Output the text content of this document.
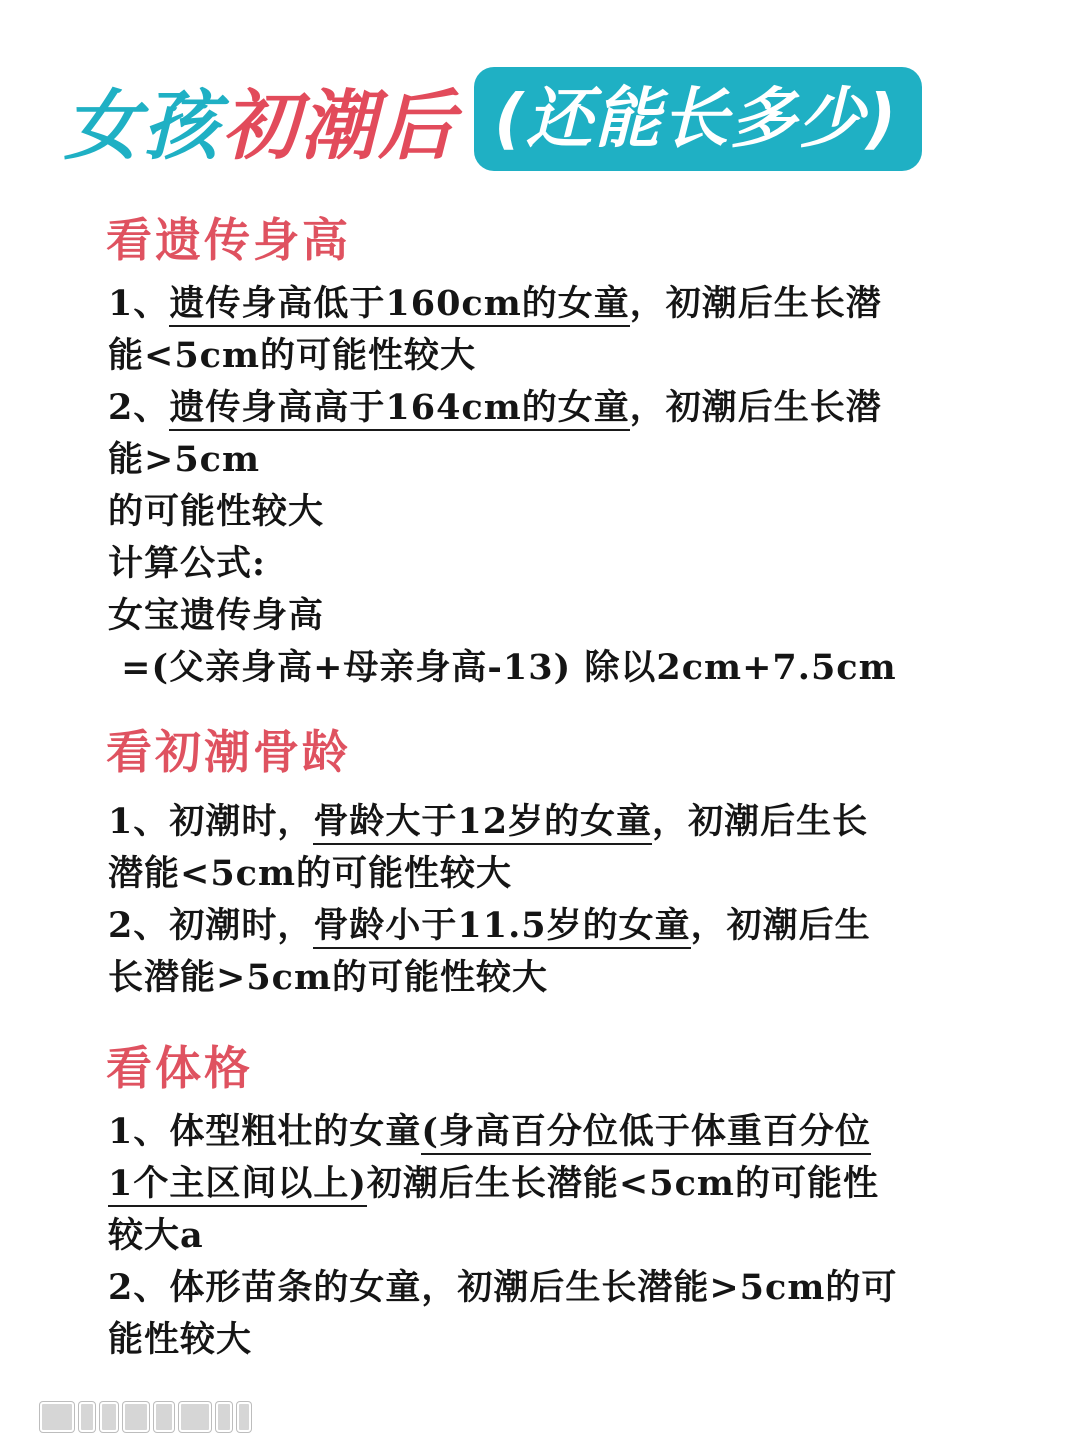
女孩 初潮后 (还能长多少)
看遗传身高
1、遗传身高低于160cm的女童，初潮后生长潜
能<5cm的可能性较大
2、遗传身高高于164cm的女童，初潮后生长潜
能>5cm
的可能性较大
计算公式:
女宝遗传身高
=(父亲身高+母亲身高-13) 除以2cm+7.5cm
看初潮骨龄
1、初潮时，骨龄大于12岁的女童，初潮后生长
潜能<5cm的可能性较大
2、初潮时，骨龄小于11.5岁的女童，初潮后生
长潜能>5cm的可能性较大
看体格
1、体型粗壮的女童(身高百分位低于体重百分位
1个主区间以上)初潮后生长潜能<5cm的可能性
较大a
2、体形苗条的女童，初潮后生长潜能>5cm的可
能性较大
